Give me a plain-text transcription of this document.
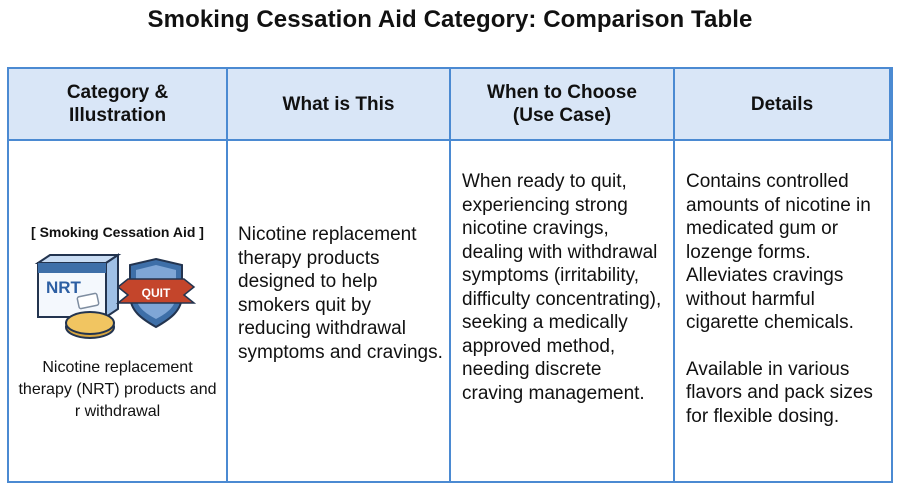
Smoking Cessation Aid Category: Comparison Table
Category & Illustration
What is This
When to Choose (Use Case)
Details
[ Smoking Cessation Aid ]
NRT	QUIT
Nicotine replacement therapy (NRT) products and r withdrawal
Nicotine replacement therapy products designed to help smokers quit by reducing withdrawal symptoms and cravings.
When ready to quit, experiencing strong nicotine cravings, dealing with withdrawal symptoms (irritability, difficulty concentrating), seeking a medically approved method, needing discrete craving management.

Contains controlled amounts of nicotine in medicated gum or lozenge forms. Alleviates cravings without harmful cigarette chemicals.

Available in various flavors and pack sizes for flexible dosing.
